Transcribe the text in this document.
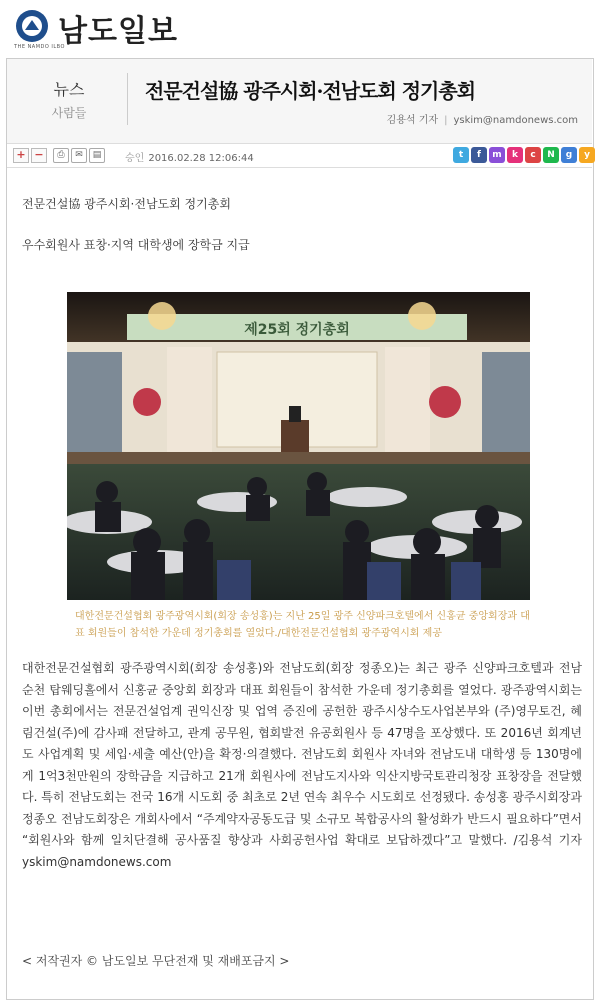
남도일보
THE NAMDO ILBO
뉴스
사람들
전문건설協 광주시회·전남도회 정기총회
김용석 기자 | yskim@namdonews.com
+ −	⎙	✉	▤	승인 2016.02.28 12:06:44	t	f	m	k	c	N	g	y
전문건설協 광주시회·전남도회 정기총회
우수회원사 표창·지역 대학생에 장학금 지급
제25회 정기총회
대한전문건설협회 광주광역시회(회장 송성홍)는 지난 25일 광주 신양파크호텔에서 신홍균 중앙회장과 대표 회원들이 참석한 가운데 정기총회를 열었다./대한전문건설협회 광주광역시회 제공
대한전문건설협회 광주광역시회(회장 송성홍)와 전남도회(회장 정종오)는 최근 광주 신양파크호텔과 전남 순천 탑웨딩홀에서 신홍균 중앙회 회장과 대표 회원들이 참석한 가운데 정기총회를 열었다. 광주광역시회는 이번 총회에서는 전문건설업계 권익신장 및 업역 증진에 공헌한 광주시상수도사업본부와 (주)영무토건, 혜림건설(주)에 감사패 전달하고, 관계 공무원, 협회발전 유공회원사 등 47명을 포상했다. 또 2016년 회계년도 사업계획 및 세입·세출 예산(안)을 확정·의결했다. 전남도회 회원사 자녀와 전남도내 대학생 등 130명에게 1억3천만원의 장학금을 지급하고 21개 회원사에 전남도지사와 익산지방국토관리청장 표창장을 전달했다. 특히 전남도회는 전국 16개 시도회 중 최초로 2년 연속 최우수 시도회로 선정됐다. 송성홍 광주시회장과 정종오 전남도회장은 개회사에서 “주계약자공동도급 및 소규모 복합공사의 활성화가 반드시 필요하다”면서 “회원사와 함께 일치단결해 공사품질 향상과 사회공헌사업 확대로 보답하겠다”고 말했다. /김용석 기자 yskim@namdonews.com
< 저작권자 © 남도일보 무단전재 및 재배포금지 >
